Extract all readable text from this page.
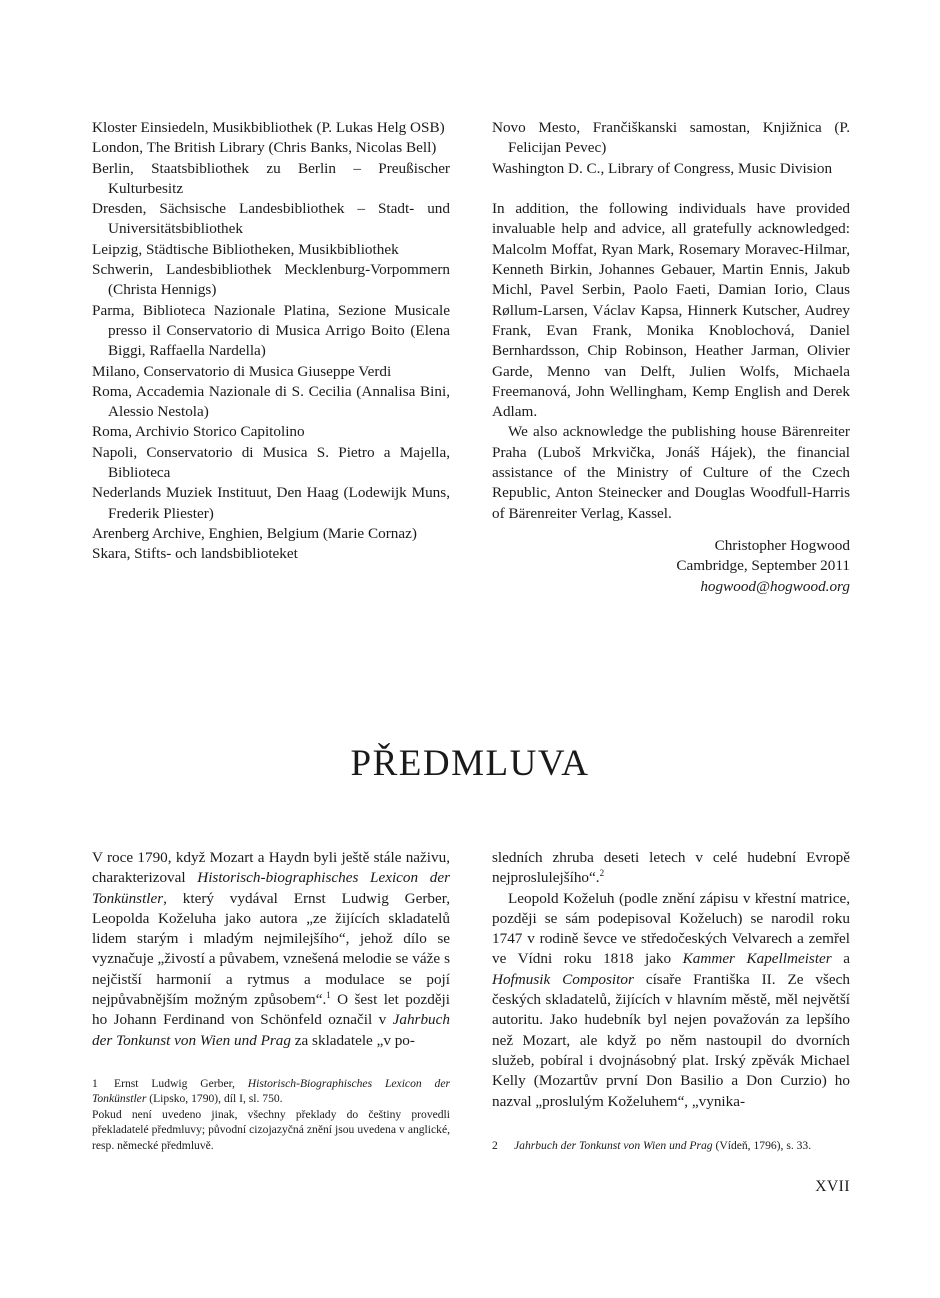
Kloster Einsiedeln, Musikbibliothek (P. Lukas Helg OSB)
London, The British Library (Chris Banks, Nicolas Bell)
Berlin, Staatsbibliothek zu Berlin – Preußischer Kulturbesitz
Dresden, Sächsische Landesbibliothek – Stadt- und Universitätsbibliothek
Leipzig, Städtische Bibliotheken, Musikbibliothek
Schwerin, Landesbibliothek Mecklenburg-Vorpommern (Christa Hennigs)
Parma, Biblioteca Nazionale Platina, Sezione Musicale presso il Conservatorio di Musica Arrigo Boito (Elena Biggi, Raffaella Nardella)
Milano, Conservatorio di Musica Giuseppe Verdi
Roma, Accademia Nazionale di S. Cecilia (Annalisa Bini, Alessio Nestola)
Roma, Archivio Storico Capitolino
Napoli, Conservatorio di Musica S. Pietro a Majella, Biblioteca
Nederlands Muziek Instituut, Den Haag (Lodewijk Muns, Frederik Pliester)
Arenberg Archive, Enghien, Belgium (Marie Cornaz)
Skara, Stifts- och landsbiblioteket
Novo Mesto, Frančiškanski samostan, Knjižnica (P. Felicijan Pevec)
Washington D. C., Library of Congress, Music Division

In addition, the following individuals have provided invaluable help and advice, all gratefully acknowledged: Malcolm Moffat, Ryan Mark, Rosemary Moravec-Hilmar, Kenneth Birkin, Johannes Gebauer, Martin Ennis, Jakub Michl, Pavel Serbin, Paolo Faeti, Damian Iorio, Claus Røllum-Larsen, Václav Kapsa, Hinnerk Kutscher, Audrey Frank, Evan Frank, Monika Knoblochová, Daniel Bernhardsson, Chip Robinson, Heather Jarman, Olivier Garde, Menno van Delft, Julien Wolfs, Michaela Freemanová, John Wellingham, Kemp English and Derek Adlam.

We also acknowledge the publishing house Bärenreiter Praha (Luboš Mrkvička, Jonáš Hájek), the financial assistance of the Ministry of Culture of the Czech Republic, Anton Steinecker and Douglas Woodfull-Harris of Bärenreiter Verlag, Kassel.

Christopher Hogwood
Cambridge, September 2011
hogwood@hogwood.org
PŘEDMLUVA

V roce 1790, když Mozart a Haydn byli ještě stále naživu, charakterizoval Historisch-biographisches Lexicon der Tonkünstler, který vydával Ernst Ludwig Gerber, Leopolda Koželuha jako autora „ze žijících skladatelů lidem starým i mladým nejmilejšího“, jehož dílo se vyznačuje „živostí a půvabem, vznešená melodie se váže s nejčistší harmonií a rytmus a modulace se pojí nejpůvabnějším možným způsobem“.$^1$ O šest let později ho Johann Ferdinand von Schönfeld označil v Jahrbuch der Tonkunst von Wien und Prag za skladatele „v po-

sledních zhruba deseti letech v celé hudební Evropě nejproslulejšího“.$^2$

Leopold Koželuh (podle znění zápisu v křestní matrice, později se sám podepisoval Koželuch) se narodil roku 1747 v rodině ševce ve středočeských Velvarech a zemřel ve Vídni roku 1818 jako Kammer Kapellmeister a Hofmusik Compositor císaře Františka II. Ze všech českých skladatelů, žijících v hlavním městě, měl největší autoritu. Jako hudebník byl nejen považován za lepšího než Mozart, ale když po něm nastoupil do dvorních služeb, pobíral i dvojnásobný plat. Irský zpěvák Michael Kelly (Mozartův první Don Basilio a Don Curzio) ho nazval „proslulým Koželuhem“, „vynika-

1 Ernst Ludwig Gerber, Historisch-Biographisches Lexicon der Tonkünstler (Lipsko, 1790), díl I, sl. 750.
Pokud není uvedeno jinak, všechny překlady do češtiny provedli překladatelé předmluvy; původní cizojazyčná znění jsou uvedena v anglické, resp. německé předmluvě.	2 Jahrbuch der Tonkunst von Wien und Prag (Vídeň, 1796), s. 33.
XVII
